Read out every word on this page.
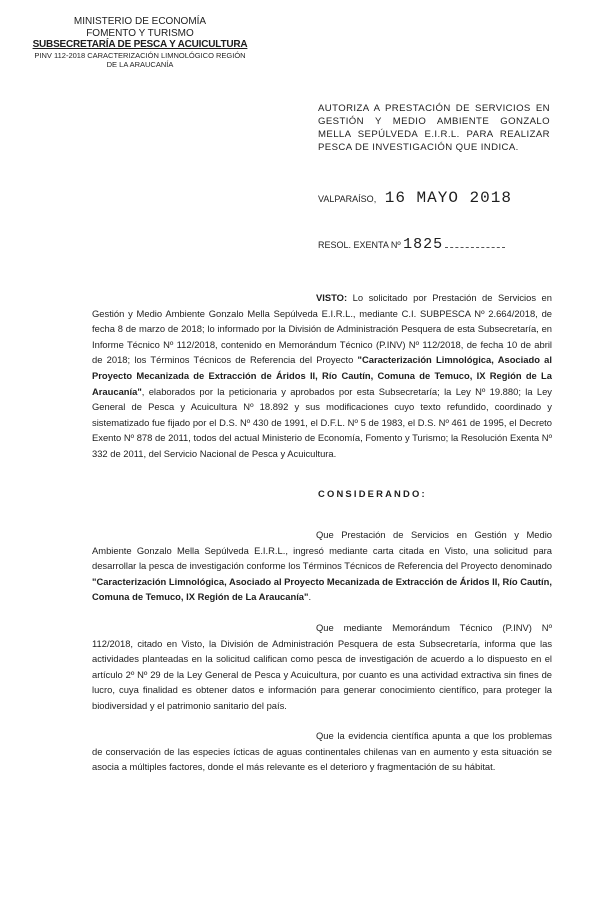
MINISTERIO DE ECONOMÍA
FOMENTO Y TURISMO
SUBSECRETARÍA DE PESCA Y ACUICULTURA
PINV 112-2018 CARACTERIZACIÓN LIMNOLÓGICO REGIÓN
DE LA ARAUCANÍA
AUTORIZA A PRESTACIÓN DE SERVICIOS EN GESTIÓN Y MEDIO AMBIENTE GONZALO MELLA SEPÚLVEDA E.I.R.L. PARA REALIZAR PESCA DE INVESTIGACIÓN QUE INDICA.
VALPARAÍSO, 16 MAYO 2018
RESOL. EXENTA Nº 1825

VISTO: Lo solicitado por Prestación de Servicios en Gestión y Medio Ambiente Gonzalo Mella Sepúlveda E.I.R.L., mediante C.I. SUBPESCA Nº 2.664/2018, de fecha 8 de marzo de 2018; lo informado por la División de Administración Pesquera de esta Subsecretaría, en Informe Técnico Nº 112/2018, contenido en Memorándum Técnico (P.INV) Nº 112/2018, de fecha 10 de abril de 2018; los Términos Técnicos de Referencia del Proyecto "Caracterización Limnológica, Asociado al Proyecto Mecanizada de Extracción de Áridos II, Río Cautín, Comuna de Temuco, IX Región de La Araucanía", elaborados por la peticionaria y aprobados por esta Subsecretaría; la Ley Nº 19.880; la Ley General de Pesca y Acuicultura Nº 18.892 y sus modificaciones cuyo texto refundido, coordinado y sistematizado fue fijado por el D.S. Nº 430 de 1991, el D.F.L. Nº 5 de 1983, el D.S. Nº 461 de 1995, el Decreto Exento Nº 878 de 2011, todos del actual Ministerio de Economía, Fomento y Turismo; la Resolución Exenta Nº 332 de 2011, del Servicio Nacional de Pesca y Acuicultura.

CONSIDERANDO:

Que Prestación de Servicios en Gestión y Medio Ambiente Gonzalo Mella Sepúlveda E.I.R.L., ingresó mediante carta citada en Visto, una solicitud para desarrollar la pesca de investigación conforme los Términos Técnicos de Referencia del Proyecto denominado "Caracterización Limnológica, Asociado al Proyecto Mecanizada de Extracción de Áridos II, Río Cautín, Comuna de Temuco, IX Región de La Araucanía".

Que mediante Memorándum Técnico (P.INV) Nº 112/2018, citado en Visto, la División de Administración Pesquera de esta Subsecretaría, informa que las actividades planteadas en la solicitud califican como pesca de investigación de acuerdo a lo dispuesto en el artículo 2º Nº 29 de la Ley General de Pesca y Acuicultura, por cuanto es una actividad extractiva sin fines de lucro, cuya finalidad es obtener datos e información para generar conocimiento científico, para proteger la biodiversidad y el patrimonio sanitario del país.

Que la evidencia científica apunta a que los problemas de conservación de las especies ícticas de aguas continentales chilenas van en aumento y esta situación se asocia a múltiples factores, donde el más relevante es el deterioro y fragmentación de su hábitat.
